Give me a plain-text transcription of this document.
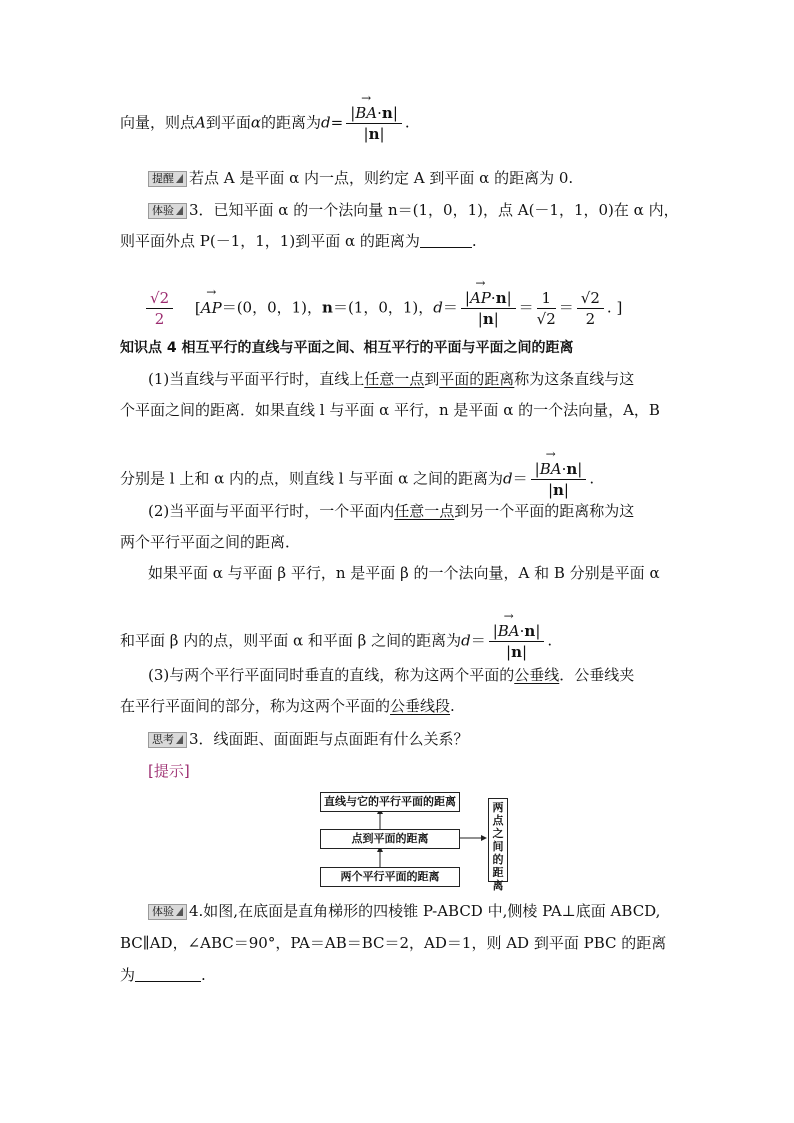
向量，则点A到平面α的距离为$d= \frac{|\to BA\cdot n|}{|n|}$ .
提醒 若点 A 是平面 α 内一点，则约定 A 到平面 α 的距离为 0.
体验 3．已知平面 α 的一个法向量 n＝(1，0，1)，点 A(－1，1，0)在 α 内，
则平面外点 P(－1，1，1)到平面 α 的距离为	.
$\frac{√2}{2}$ [→ AP＝(0，0，1)，n＝(1，0，1)，$d= \frac{|\to AP\cdot n|}{|n|} = \frac{1}{√2} = \frac{√2}{2}$ . ]
知识点 4 相互平行的直线与平面之间、相互平行的平面与平面之间的距离
(1)当直线与平面平行时，直线上任意一点到平面的距离称为这条直线与这
个平面之间的距离．如果直线 l 与平面 α 平行，n 是平面 α 的一个法向量，A，B
分别是 l 上和 α 内的点，则直线 l 与平面 α 之间的距离为$d= \frac{|\to BA\cdot n|}{|n|}$ .
(2)当平面与平面平行时，一个平面内任意一点到另一个平面的距离称为这
两个平行平面之间的距离．
如果平面 α 与平面 β 平行，n 是平面 β 的一个法向量，A 和 B 分别是平面 α
和平面 β 内的点，则平面 α 和平面 β 之间的距离为$d= \frac{|\to BA\cdot n|}{|n|}$ .
(3)与两个平行平面同时垂直的直线，称为这两个平面的公垂线．公垂线夹
在平行平面间的部分，称为这两个平面的公垂线段.
思考 3．线面距、面面距与点面距有什么关系？
[提示]
直线与它的平行平面的距离
点到平面的距离
两个平行平面的距离
两点之间的距离
体验 4.如图,在底面是直角梯形的四棱锥 P-ABCD 中,侧棱 PA⊥底面 ABCD,
BC∥AD，∠ABC＝90°，PA＝AB＝BC＝2，AD＝1，则 AD 到平面 PBC 的距离
为	.
